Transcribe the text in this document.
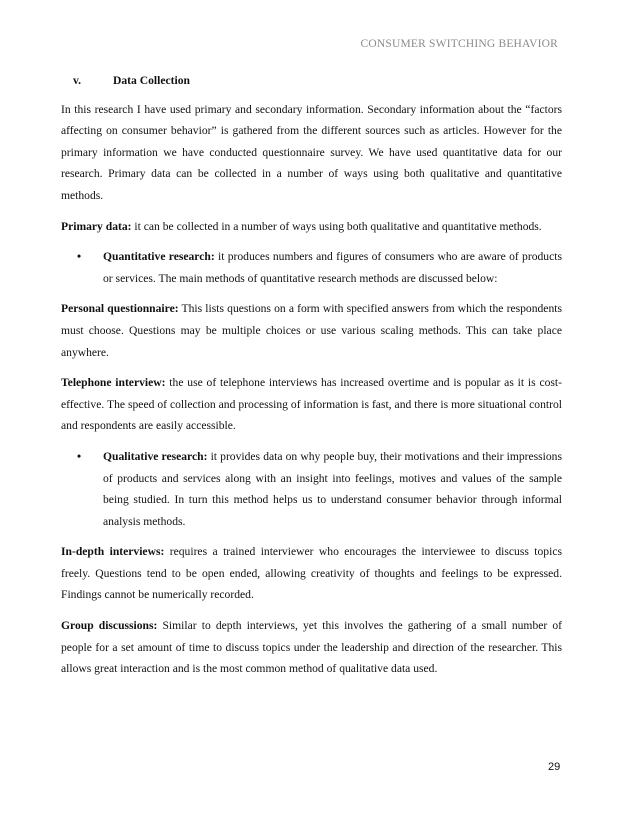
CONSUMER SWITCHING BEHAVIOR

v.	Data Collection

In this research I have used primary and secondary information. Secondary information about the “factors affecting on consumer behavior” is gathered from the different sources such as articles. However for the primary information we have conducted questionnaire survey. We have used quantitative data for our research. Primary data can be collected in a number of ways using both qualitative and quantitative methods.

Primary data: it can be collected in a number of ways using both qualitative and quantitative methods.

• Quantitative research: it produces numbers and figures of consumers who are aware of products or services. The main methods of quantitative research methods are discussed below:

Personal questionnaire: This lists questions on a form with specified answers from which the respondents must choose. Questions may be multiple choices or use various scaling methods. This can take place anywhere.

Telephone interview: the use of telephone interviews has increased overtime and is popular as it is cost-effective. The speed of collection and processing of information is fast, and there is more situational control and respondents are easily accessible.

• Qualitative research: it provides data on why people buy, their motivations and their impressions of products and services along with an insight into feelings, motives and values of the sample being studied. In turn this method helps us to understand consumer behavior through informal analysis methods.

In-depth interviews: requires a trained interviewer who encourages the interviewee to discuss topics freely. Questions tend to be open ended, allowing creativity of thoughts and feelings to be expressed. Findings cannot be numerically recorded.

Group discussions: Similar to depth interviews, yet this involves the gathering of a small number of people for a set amount of time to discuss topics under the leadership and direction of the researcher. This allows great interaction and is the most common method of qualitative data used.

29
